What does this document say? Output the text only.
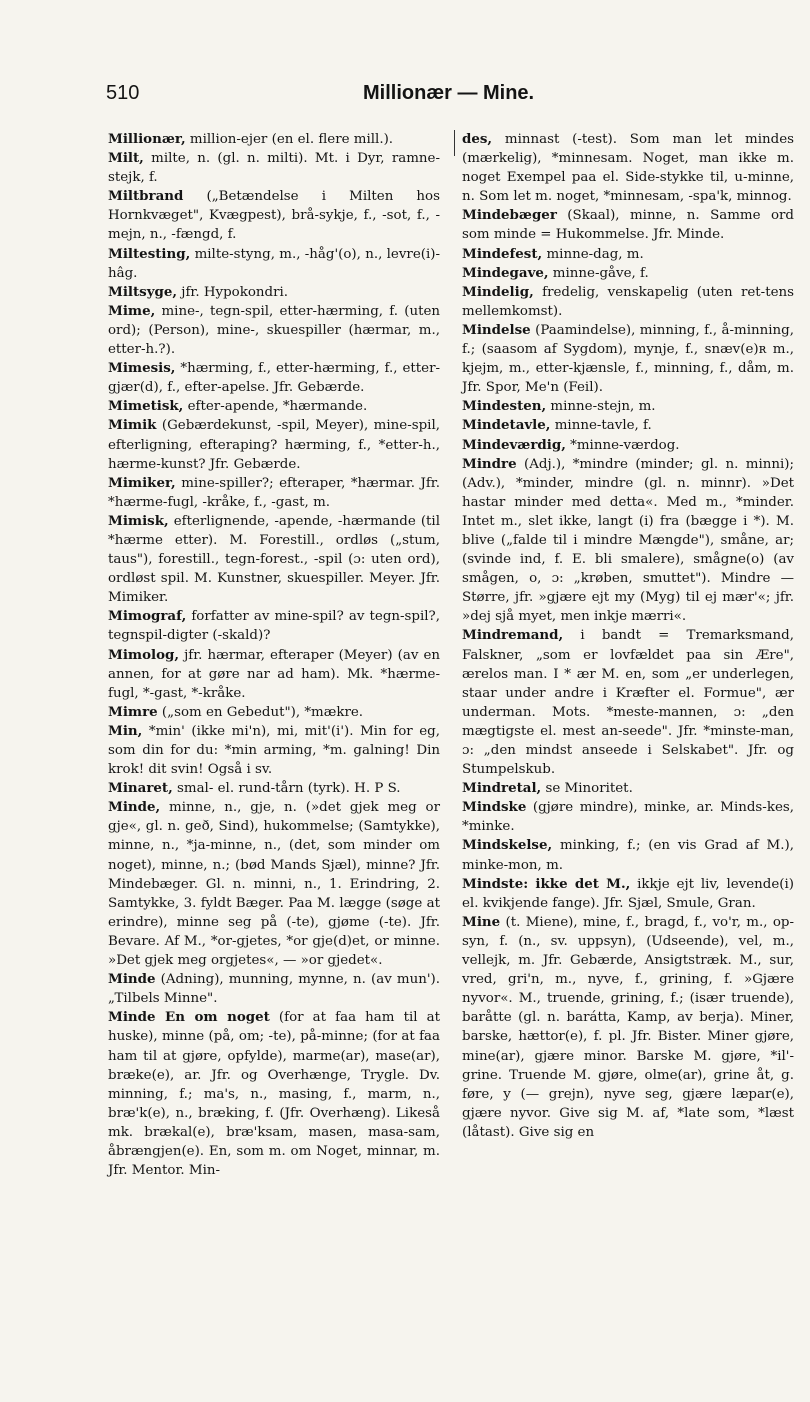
510	Millionær — Mine.

Millionær, million-ejer (en el. flere mill.).

Milt, milte, n. (gl. n. milti). Mt. i Dyr, ramne-stejk, f.

Miltbrand („Betændelse i Milten hos Hornkvæget", Kvægpest), brå-sykje, f., -sot, f., -mejn, n., -fængd, f.

Miltesting, milte-styng, m., -håg'(o), n., levre(i)-hâg.

Miltsyge, jfr. Hypokondri.

Mime, mine-, tegn-spil, etter-hærming, f. (uten ord); (Person), mine-, skuespiller (hærmar, m., etter-h.?).

Mimesis, *hærming, f., etter-hærming, f., etter-gjær(d), f., efter-apelse. Jfr. Gebærde.

Mimetisk, efter-apende, *hærmande.

Mimik (Gebærdekunst, -spil, Meyer), mine-spil, efterligning, efteraping? hærming, f., *etter-h., hærme-kunst? Jfr. Gebærde.

Mimiker, mine-spiller?; efteraper, *hærmar. Jfr. *hærme-fugl, -kråke, f., -gast, m.

Mimisk, efterlignende, -apende, -hærmande (til *hærme etter). M. Forestill., ordløs („stum, taus"), forestill., tegn-forest., -spil (ɔ: uten ord), ordløst spil. M. Kunstner, skuespiller. Meyer. Jfr. Mimiker.

Mimograf, forfatter av mine-spil? av tegn-spil?, tegnspil-digter (-skald)?

Mimolog, jfr. hærmar, efteraper (Meyer) (av en annen, for at gøre nar ad ham). Mk. *hærme-fugl, *-gast, *-kråke.

Mimre („som en Gebedut"), *mækre.

Min, *min' (ikke mi'n), mi, mit'(i'). Min for eg, som din for du: *min arming, *m. galning! Din krok! dit svin! Også i sv.

Minaret, smal- el. rund-tårn (tyrk). H. P S.

Minde, minne, n., gje, n. (»det gjek meg or gje«, gl. n. geð, Sind), hukommelse; (Samtykke), minne, n., *ja-minne, n., (det, som minder om noget), minne, n.; (bød Mands Sjæl), minne? Jfr. Mindebæger. Gl. n. minni, n., 1. Erindring, 2. Samtykke, 3. fyldt Bæger. Paa M. lægge (søge at erindre), minne seg på (-te), gjøme (-te). Jfr. Bevare. Af M., *or-gjetes, *or gje(d)et, or minne. »Det gjek meg orgjetes«, — »or gjedet«.

Minde (Adning), munning, mynne, n. (av mun'). „Tilbels Minne".

Minde En om noget (for at faa ham til at huske), minne (på, om; -te), på-minne; (for at faa ham til at gjøre, opfylde), marme(ar), mase(ar), bræke(e), ar. Jfr. og Overhænge, Tryglе. Dv. minning, f.; ma's, n., masing, f., marm, n., bræ'k(e), n., bræking, f. (Jfr. Overhæng). Likeså mk. brækal(e), bræ'ksam, masen, masa-sam, åbrængjen(e). En, som m. om Noget, minnar, m. Jfr. Mentor. Min-

des, minnast (-test). Som man let mindes (mærkelig), *minnesam. Noget, man ikke m. noget Exempel paa el. Side-stykke til, u-minne, n. Som let m. noget, *minnesam, -spa'k, minnog.

Mindebæger (Skaal), minne, n. Samme ord som minde = Hukommelse. Jfr. Minde.

Mindefest, minne-dag, m.

Mindegave, minne-gåve, f.

Mindelig, fredelig, venskapelig (uten ret-tens mellemkomst).

Mindelse (Paamindelse), minning, f., å-minning, f.; (saasom af Sygdom), mynje, f., snæv(e)ʀ m., kjejm, m., etter-kjænsle, f., minning, f., dåm, m. Jfr. Spor, Me'n (Feil).

Mindesten, minne-stejn, m.

Mindetavle, minne-tavle, f.

Mindeværdig, *minne-værdog.

Mindre (Adj.), *mindre (minder; gl. n. minni); (Adv.), *minder, mindre (gl. n. minnr). »Det hastar minder med detta«. Med m., *minder. Intet m., slet ikke, langt (i) fra (bægge i *). M. blive („falde til i mindre Mængde"), småne, ar; (svinde ind, f. E. bli smalere), smågne(o) (av smågen, o, ɔ: „krøben, smuttet"). Mindre — Større, jfr. »gjære ejt my (Myg) til ej mær'«; jfr. »dej sjå myet, men inkje mærri«.

Mindremand, i bandt = Tremarksmand, Falskner, „som er lovfældet paa sin Ære", ærelos man. I * ær M. en, som „er underlegen, staar under andre i Kræfter el. Formue", ær underman. Mots. *meste-mannen, ɔ: „den mægtigste el. mest an-seede". Jfr. *minste-man, ɔ: „den mindst anseede i Selskabet". Jfr. og Stumpelskub.

Mindretal, se Minoritet.

Mindske (gjøre mindre), minke, ar. Minds-kes, *minke.

Mindskelse, minking, f.; (en vis Grad af M.), minke-mon, m.

Mindste: ikke det M., ikkje ejt liv, levende(i) el. kvikjende fange). Jfr. Sjæl, Smule, Gran.

Mine (t. Miene), mine, f., bragd, f., vo'r, m., op-syn, f. (n., sv. uppsyn), (Udseende), vel, m., vellejk, m. Jfr. Gebærde, Ansigtstræk. M., sur, vred, gri'n, m., nyve, f., grining, f. »Gjære nyvor«. M., truende, grining, f.; (især truende), baråtte (gl. n. barátta, Kamp, av berja). Miner, barske, hættor(e), f. pl. Jfr. Bister. Miner gjøre, mine(ar), gjære minor. Barske M. gjøre, *il'-grine. Truende M. gjøre, olme(ar), grine åt, g. føre, y (— grejn), nyve seg, gjære læpar(e), gjære nyvor. Give sig M. af, *late som, *læst (låtast). Give sig en
